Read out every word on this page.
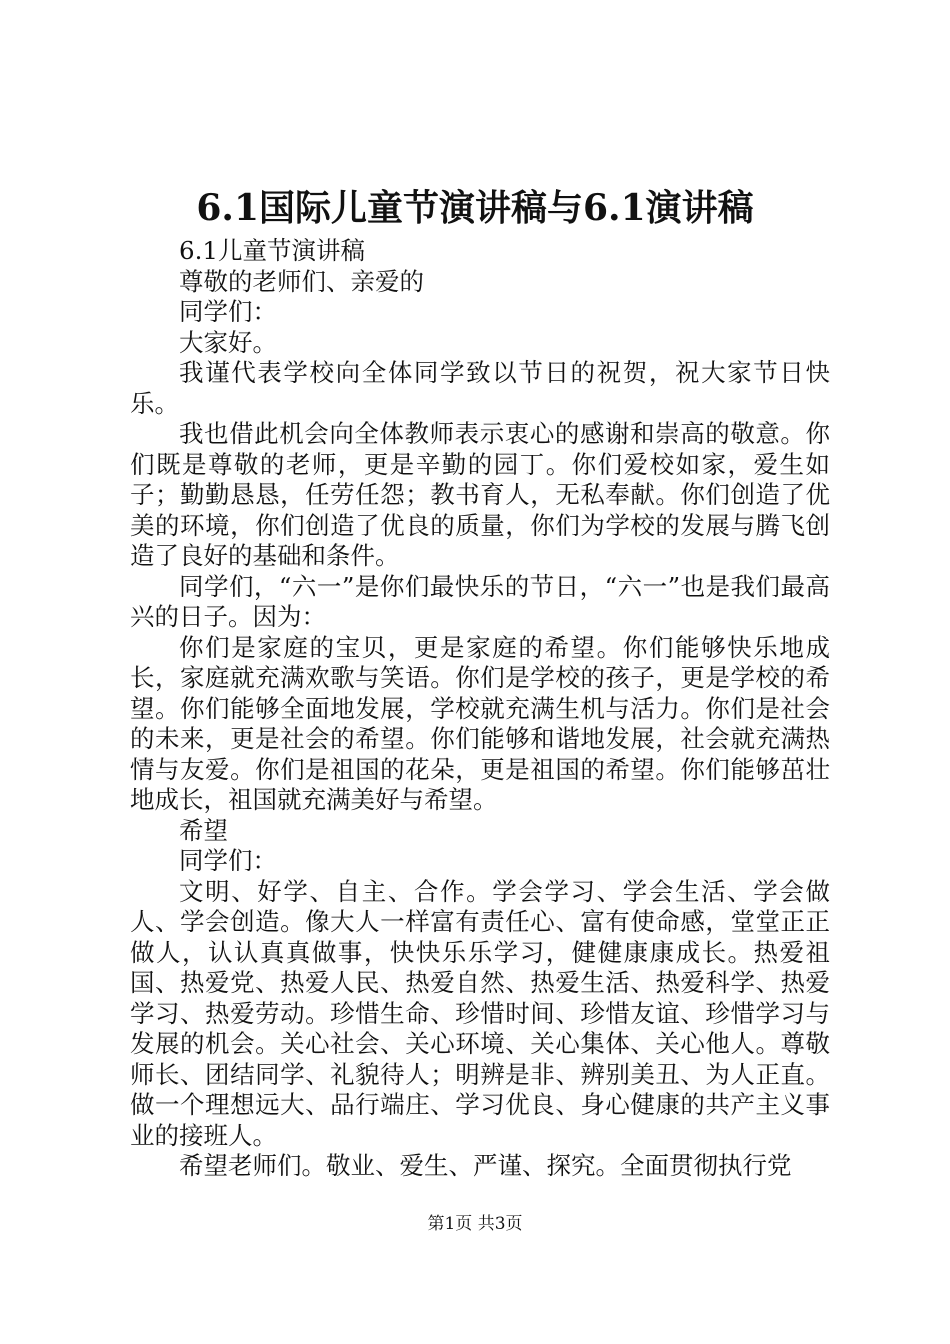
6.1国际儿童节演讲稿与6.1演讲稿

6.1儿童节演讲稿

尊敬的老师们、亲爱的

同学们：

大家好。

我谨代表学校向全体同学致以节日的祝贺，祝大家节日快乐。

我也借此机会向全体教师表示衷心的感谢和崇高的敬意。你们既是尊敬的老师，更是辛勤的园丁。你们爱校如家，爱生如子；勤勤恳恳，任劳任怨；教书育人，无私奉献。你们创造了优美的环境，你们创造了优良的质量，你们为学校的发展与腾飞创造了良好的基础和条件。

同学们，“六一”是你们最快乐的节日，“六一”也是我们最高兴的日子。因为：

你们是家庭的宝贝，更是家庭的希望。你们能够快乐地成长，家庭就充满欢歌与笑语。你们是学校的孩子，更是学校的希望。你们能够全面地发展，学校就充满生机与活力。你们是社会的未来，更是社会的希望。你们能够和谐地发展，社会就充满热情与友爱。你们是祖国的花朵，更是祖国的希望。你们能够茁壮地成长，祖国就充满美好与希望。

希望

同学们：

文明、好学、自主、合作。学会学习、学会生活、学会做人、学会创造。像大人一样富有责任心、富有使命感，堂堂正正做人，认认真真做事，快快乐乐学习，健健康康成长。热爱祖国、热爱党、热爱人民、热爱自然、热爱生活、热爱科学、热爱学习、热爱劳动。珍惜生命、珍惜时间、珍惜友谊、珍惜学习与发展的机会。关心社会、关心环境、关心集体、关心他人。尊敬师长、团结同学、礼貌待人；明辨是非、辨别美丑、为人正直。做一个理想远大、品行端庄、学习优良、身心健康的共产主义事业的接班人。

希望老师们。敬业、爱生、严谨、探究。全面贯彻执行党

第1页 共3页
